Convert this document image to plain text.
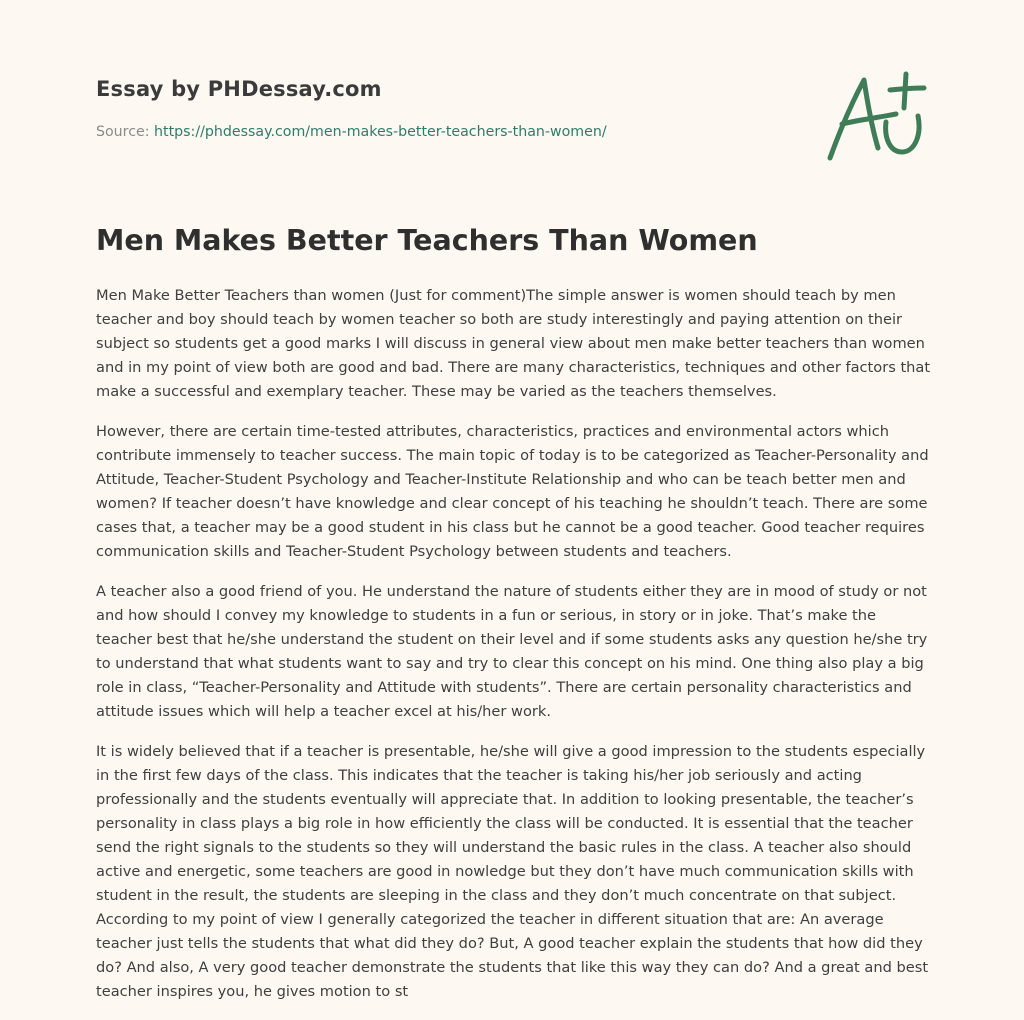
Essay by PHDessay.com

Source: https://phdessay.com/men-makes-better-teachers-than-women/

Men Makes Better Teachers Than Women

Men Make Better Teachers than women (Just for comment)The simple answer is women should teach by men teacher and boy should teach by women teacher so both are study interestingly and paying attention on their subject so students get a good marks I will discuss in general view about men make better teachers than women and in my point of view both are good and bad. There are many characteristics, techniques and other factors that make a successful and exemplary teacher. These may be varied as the teachers themselves.

However, there are certain time-tested attributes, characteristics, practices and environmental actors which contribute immensely to teacher success. The main topic of today is to be categorized as Teacher-Personality and Attitude, Teacher-Student Psychology and Teacher-Institute Relationship and who can be teach better men and women? If teacher doesn’t have knowledge and clear concept of his teaching he shouldn’t teach. There are some cases that, a teacher may be a good student in his class but he cannot be a good teacher. Good teacher requires communication skills and Teacher-Student Psychology between students and teachers.

A teacher also a good friend of you. He understand the nature of students either they are in mood of study or not and how should I convey my knowledge to students in a fun or serious, in story or in joke. That’s make the teacher best that he/she understand the student on their level and if some students asks any question he/she try to understand that what students want to say and try to clear this concept on his mind. One thing also play a big role in class, “Teacher-Personality and Attitude with students”. There are certain personality characteristics and attitude issues which will help a teacher excel at his/her work.

It is widely believed that if a teacher is presentable, he/she will give a good impression to the students especially in the first few days of the class. This indicates that the teacher is taking his/her job seriously and acting professionally and the students eventually will appreciate that. In addition to looking presentable, the teacher’s personality in class plays a big role in how efficiently the class will be conducted. It is essential that the teacher send the right signals to the students so they will understand the basic rules in the class. A teacher also should active and energetic, some teachers are good in nowledge but they don’t have much communication skills with student in the result, the students are sleeping in the class and they don’t much concentrate on that subject. According to my point of view I generally categorized the teacher in different situation that are: An average teacher just tells the students that what did they do? But, A good teacher explain the students that how did they do? And also, A very good teacher demonstrate the students that like this way they can do? And a great and best teacher inspires you, he gives motion to st
